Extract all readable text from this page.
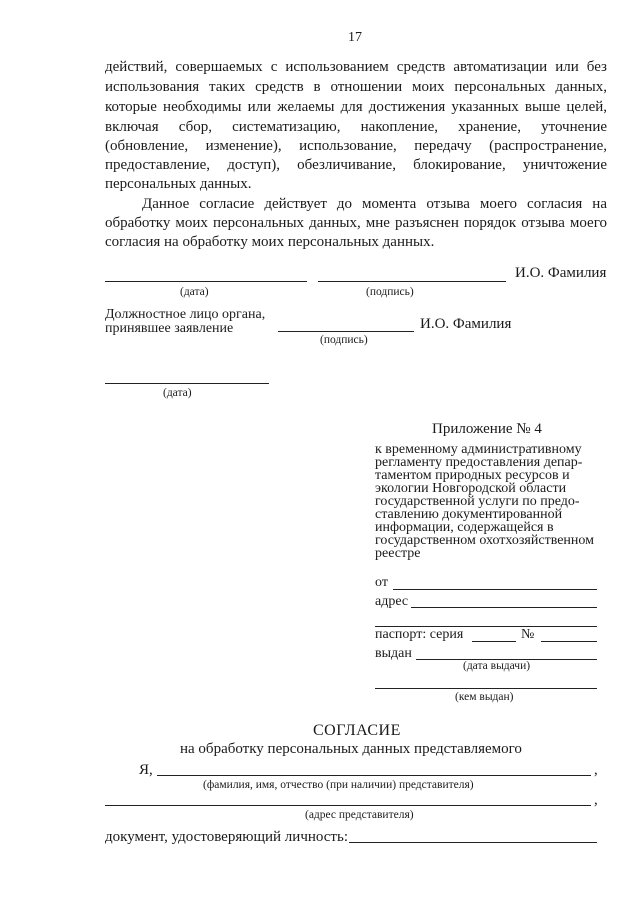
17
действий, совершаемых с использованием средств автоматизации или без
использования таких средств в отношении моих персональных данных,
которые необходимы или желаемы для достижения указанных выше целей,
включая сбор, систематизацию, накопление, хранение, уточнение
(обновление, изменение), использование, передачу (распространение,
предоставление, доступ), обезличивание, блокирование, уничтожение
персональных данных.
Данное согласие действует до момента отзыва моего согласия на
обработку моих персональных данных, мне разъяснен порядок отзыва моего
согласия на обработку моих персональных данных.
И.О. Фамилия
(дата)	(подпись)
Должностное лицо органа,
принявшее заявление	И.О. Фамилия
(подпись)
(дата)
Приложение № 4
к временному административному
регламенту предоставления депар-
таментом природных ресурсов и
экологии Новгородской области
государственной услуги по предо-
ставлению документированной
информации, содержащейся в
государственном охотхозяйственном
реестре
от
адрес
паспорт: серия	№
выдан
(дата выдачи)
(кем выдан)
СОГЛАСИЕ
на обработку персональных данных представляемого
Я,	,
(фамилия, имя, отчество (при наличии) представителя)
,
(адрес представителя)
документ, удостоверяющий личность:
